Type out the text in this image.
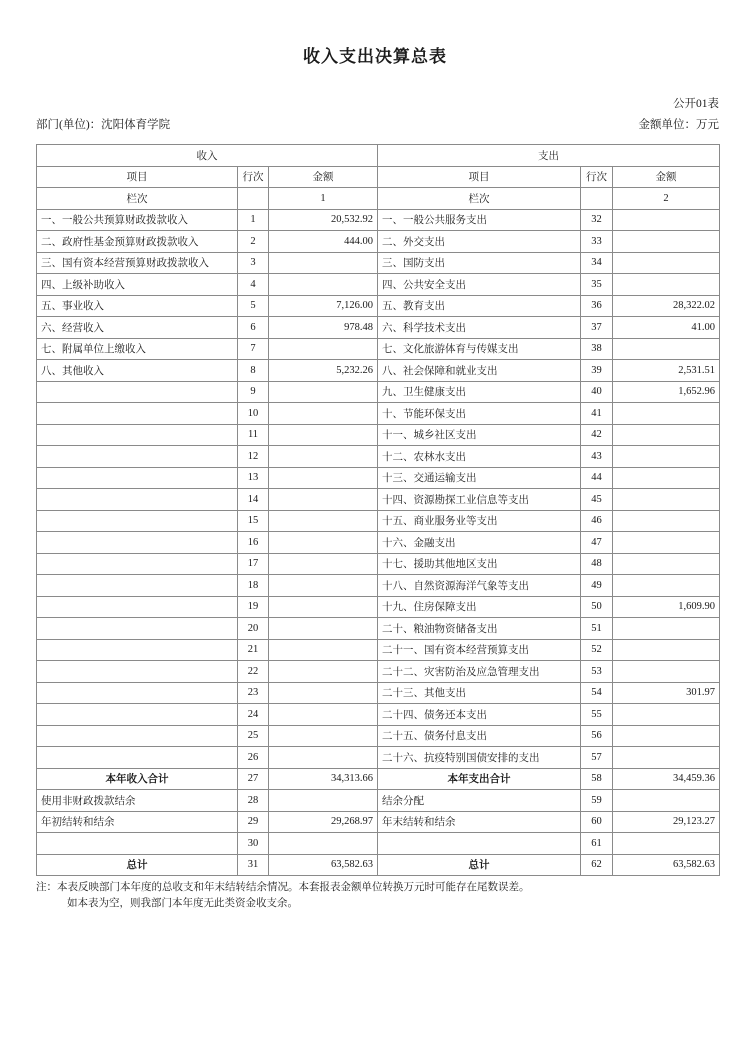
收入支出决算总表
公开01表
部门(单位)：沈阳体育学院	金额单位：万元
收入			支出		
项目	行次	金额	项目	行次	金额
栏次		1	栏次		2
一、一般公共预算财政拨款收入	1	20,532.92	一、一般公共服务支出	32	
二、政府性基金预算财政拨款收入	2	444.00	二、外交支出	33	
三、国有资本经营预算财政拨款收入	3		三、国防支出	34	
四、上级补助收入	4		四、公共安全支出	35	
五、事业收入	5	7,126.00	五、教育支出	36	28,322.02
六、经营收入	6	978.48	六、科学技术支出	37	41.00
七、附属单位上缴收入	7		七、文化旅游体育与传媒支出	38	
八、其他收入	8	5,232.26	八、社会保障和就业支出	39	2,531.51
	9		九、卫生健康支出	40	1,652.96
	10		十、节能环保支出	41	
	11		十一、城乡社区支出	42	
	12		十二、农林水支出	43	
	13		十三、交通运输支出	44	
	14		十四、资源勘探工业信息等支出	45	
	15		十五、商业服务业等支出	46	
	16		十六、金融支出	47	
	17		十七、援助其他地区支出	48	
	18		十八、自然资源海洋气象等支出	49	
	19		十九、住房保障支出	50	1,609.90
	20		二十、粮油物资储备支出	51	
	21		二十一、国有资本经营预算支出	52	
	22		二十二、灾害防治及应急管理支出	53	
	23		二十三、其他支出	54	301.97
	24		二十四、债务还本支出	55	
	25		二十五、债务付息支出	56	
	26		二十六、抗疫特别国债安排的支出	57	
本年收入合计	27	34,313.66	本年支出合计	58	34,459.36
使用非财政拨款结余	28		结余分配	59	
年初结转和结余	29	29,268.97	年末结转和结余	60	29,123.27
	30			61	
总计	31	63,582.63	总计	62	63,582.63

注：本表反映部门本年度的总收支和年末结转结余情况。本套报表金额单位转换万元时可能存在尾数误差。

如本表为空，则我部门本年度无此类资金收支余。
